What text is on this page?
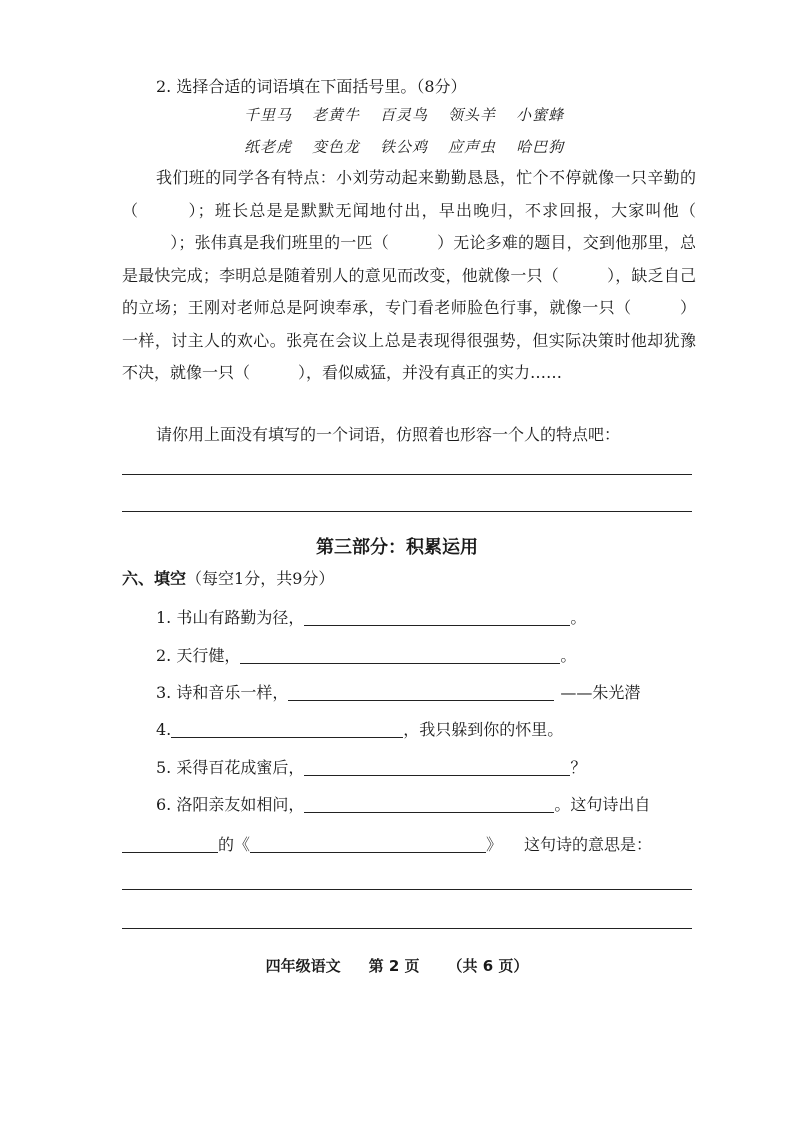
2. 选择合适的词语填在下面括号里。（8分）
千里马 老黄牛 百灵鸟 领头羊 小蜜蜂
纸老虎 变色龙 铁公鸡 应声虫 哈巴狗
我们班的同学各有特点：小刘劳动起来勤勤恳恳，忙个不停就像一只辛勤的（	）；班长总是是默默无闻地付出，早出晚归，不求回报，大家叫他（）；张伟真是我们班里的一匹（	）无论多难的题目，交到他那里，总是最快完成；李明总是随着别人的意见而改变，他就像一只（	），缺乏自己的立场；王刚对老师总是阿谀奉承，专门看老师脸色行事，就像一只（	）一样，讨主人的欢心。张亮在会议上总是表现得很强势，但实际决策时他却犹豫不决，就像一只（	），看似威猛，并没有真正的实力……
请你用上面没有填写的一个词语，仿照着也形容一个人的特点吧：
第三部分：积累运用
六、填空（每空1分，共9分）
1. 书山有路勤为径，	。
2. 天行健，	。
3. 诗和音乐一样，	——朱光潜
4.	，我只躲到你的怀里。
5. 采得百花成蜜后，	？
6. 洛阳亲友如相问，	。这句诗出自
的《	》 这句诗的意思是：
四年级语文 第 2 页 （共 6 页）
